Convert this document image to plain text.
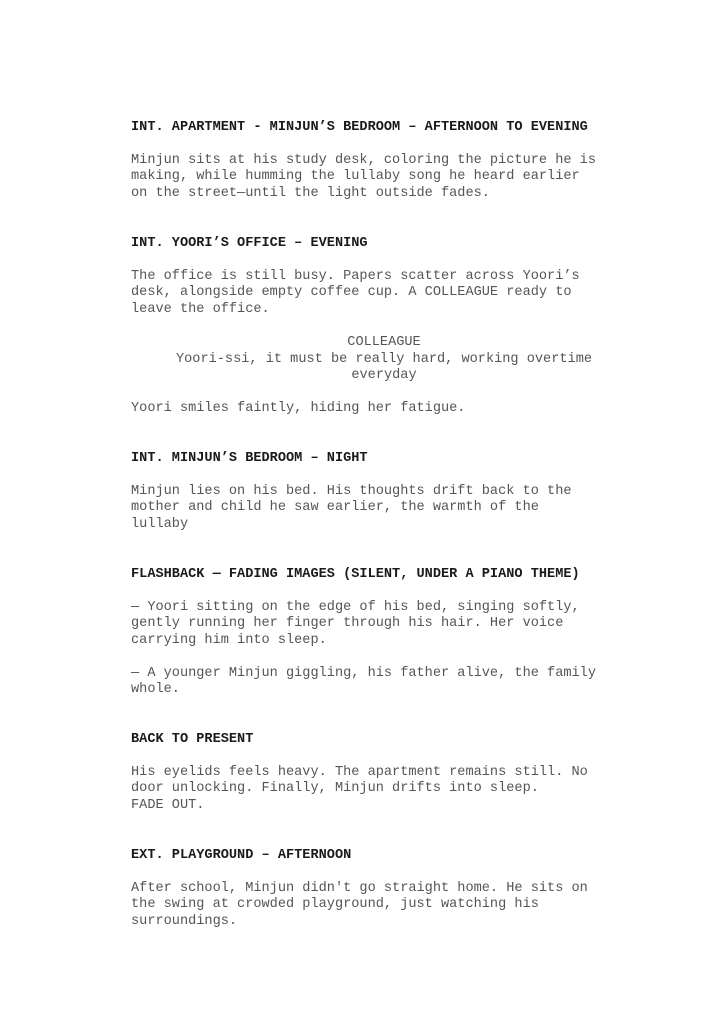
INT. APARTMENT - MINJUN’S BEDROOM – AFTERNOON TO EVENING

Minjun sits at his study desk, coloring the picture he is
making, while humming the lullaby song he heard earlier
on the street—until the light outside fades.

INT. YOORI’S OFFICE – EVENING

The office is still busy. Papers scatter across Yoori’s
desk, alongside empty coffee cup. A COLLEAGUE ready to
leave the office.

COLLEAGUE

Yoori-ssi, it must be really hard, working overtime
everyday

Yoori smiles faintly, hiding her fatigue.

INT. MINJUN’S BEDROOM – NIGHT

Minjun lies on his bed. His thoughts drift back to the
mother and child he saw earlier, the warmth of the
lullaby

FLASHBACK — FADING IMAGES (SILENT, UNDER A PIANO THEME)

— Yoori sitting on the edge of his bed, singing softly,
gently running her finger through his hair. Her voice
carrying him into sleep.

— A younger Minjun giggling, his father alive, the family
whole.

BACK TO PRESENT

His eyelids feels heavy. The apartment remains still. No
door unlocking. Finally, Minjun drifts into sleep.
FADE OUT.

EXT. PLAYGROUND – AFTERNOON

After school, Minjun didn't go straight home. He sits on
the swing at crowded playground, just watching his
surroundings.
